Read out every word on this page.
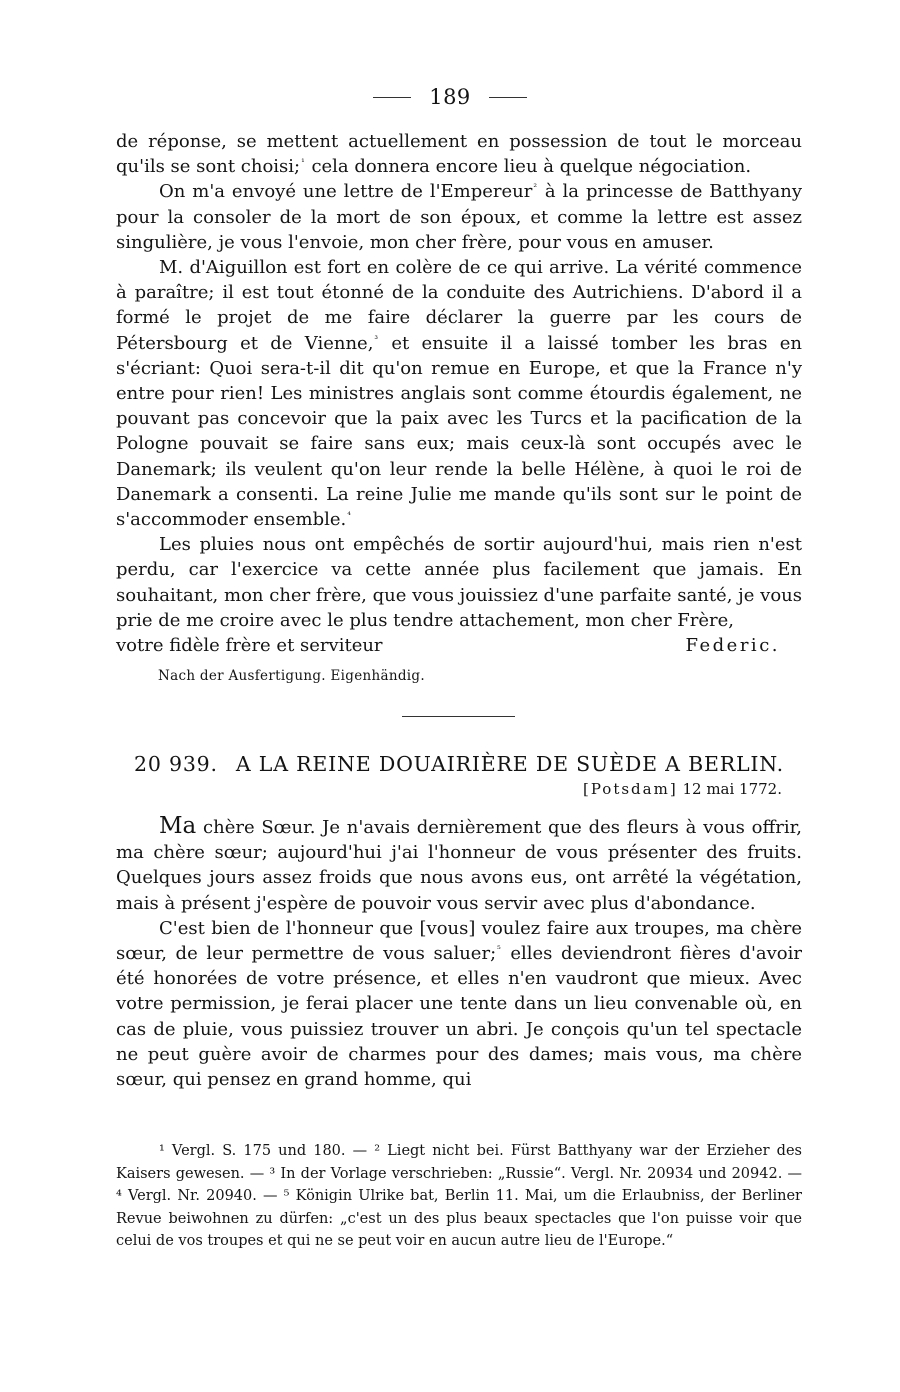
189

de réponse, se mettent actuellement en possession de tout le morceau qu'ils se sont choisi;$^{^1}$ cela donnera encore lieu à quelque négociation.

On m'a envoyé une lettre de l'Empereur$^{^2}$ à la princesse de Batthyany pour la consoler de la mort de son époux, et comme la lettre est assez singulière, je vous l'envoie, mon cher frère, pour vous en amuser.

M. d'Aiguillon est fort en colère de ce qui arrive. La vérité commence à paraître; il est tout étonné de la conduite des Autrichiens. D'abord il a formé le projet de me faire déclarer la guerre par les cours de Pétersbourg et de Vienne,$^{^3}$ et ensuite il a laissé tomber les bras en s'écriant: Quoi sera-t-il dit qu'on remue en Europe, et que la France n'y entre pour rien! Les ministres anglais sont comme étourdis également, ne pouvant pas concevoir que la paix avec les Turcs et la pacification de la Pologne pouvait se faire sans eux; mais ceux-là sont occupés avec le Danemark; ils veulent qu'on leur rende la belle Hélène, à quoi le roi de Danemark a consenti. La reine Julie me mande qu'ils sont sur le point de s'accommoder ensemble.$^{^4}$

Les pluies nous ont empêchés de sortir aujourd'hui, mais rien n'est perdu, car l'exercice va cette année plus facilement que jamais. En souhaitant, mon cher frère, que vous jouissiez d'une parfaite santé, je vous prie de me croire avec le plus tendre attachement, mon cher Frère,

votre fidèle frère et serviteur	Federic.

Nach der Ausfertigung. Eigenhändig.

20 939. A LA REINE DOUAIRIÈRE DE SUÈDE A BERLIN.
[Potsdam] 12 mai 1772.

Ma chère Sœur. Je n'avais dernièrement que des fleurs à vous offrir, ma chère sœur; aujourd'hui j'ai l'honneur de vous présenter des fruits. Quelques jours assez froids que nous avons eus, ont arrêté la végétation, mais à présent j'espère de pouvoir vous servir avec plus d'abondance.

C'est bien de l'honneur que [vous] voulez faire aux troupes, ma chère sœur, de leur permettre de vous saluer;$^{^5}$ elles deviendront fières d'avoir été honorées de votre présence, et elles n'en vaudront que mieux. Avec votre permission, je ferai placer une tente dans un lieu convenable où, en cas de pluie, vous puissiez trouver un abri. Je conçois qu'un tel spectacle ne peut guère avoir de charmes pour des dames; mais vous, ma chère sœur, qui pensez en grand homme, qui

¹ Vergl. S. 175 und 180. — ² Liegt nicht bei. Fürst Batthyany war der Erzieher des Kaisers gewesen. — ³ In der Vorlage verschrieben: „Russie“. Vergl. Nr. 20934 und 20942. — ⁴ Vergl. Nr. 20940. — ⁵ Königin Ulrike bat, Berlin 11. Mai, um die Erlaubniss, der Berliner Revue beiwohnen zu dürfen: „c'est un des plus beaux spectacles que l'on puisse voir que celui de vos troupes et qui ne se peut voir en aucun autre lieu de l'Europe.“
